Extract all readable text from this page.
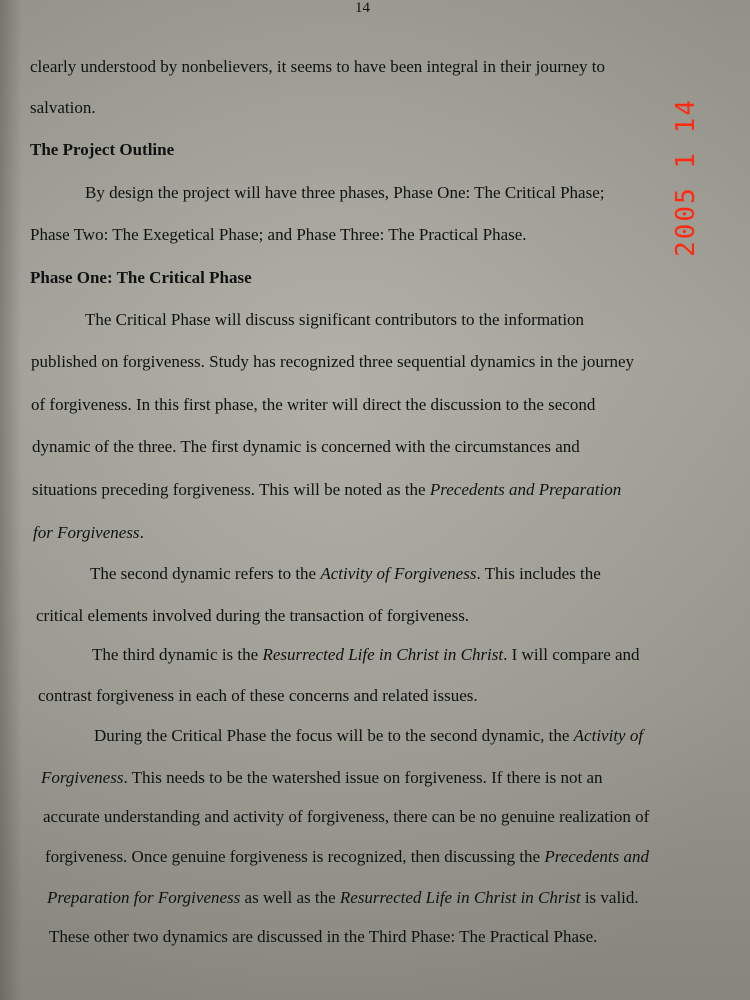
14
2005 1 14
clearly understood by nonbelievers, it seems to have been integral in their journey to
salvation.
The Project Outline
By design the project will have three phases, Phase One: The Critical Phase;
Phase Two: The Exegetical Phase; and Phase Three: The Practical Phase.
Phase One: The Critical Phase
The Critical Phase will discuss significant contributors to the information
published on forgiveness. Study has recognized three sequential dynamics in the journey
of forgiveness. In this first phase, the writer will direct the discussion to the second
dynamic of the three. The first dynamic is concerned with the circumstances and
situations preceding forgiveness. This will be noted as the Precedents and Preparation
for Forgiveness.
The second dynamic refers to the Activity of Forgiveness. This includes the
critical elements involved during the transaction of forgiveness.
The third dynamic is the Resurrected Life in Christ in Christ. I will compare and
contrast forgiveness in each of these concerns and related issues.
During the Critical Phase the focus will be to the second dynamic, the Activity of
Forgiveness. This needs to be the watershed issue on forgiveness. If there is not an
accurate understanding and activity of forgiveness, there can be no genuine realization of
forgiveness. Once genuine forgiveness is recognized, then discussing the Precedents and
Preparation for Forgiveness as well as the Resurrected Life in Christ in Christ is valid.
These other two dynamics are discussed in the Third Phase: The Practical Phase.
